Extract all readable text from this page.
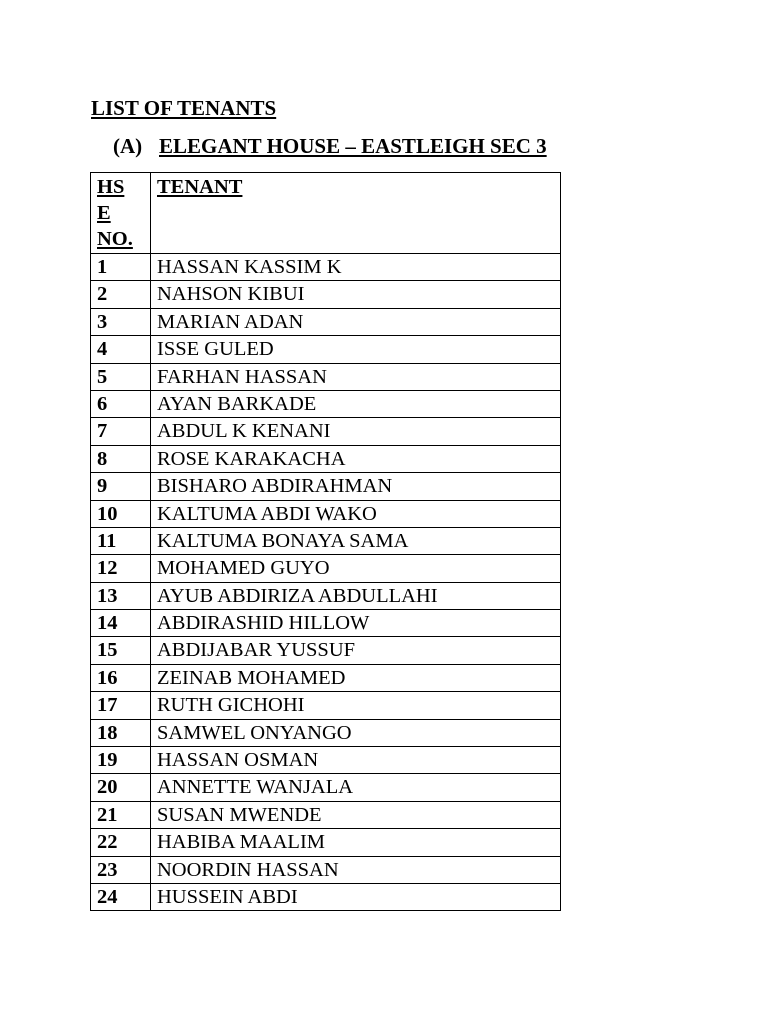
LIST OF TENANTS
(A) ELEGANT HOUSE – EASTLEIGH SEC 3
HS
E
NO.	TENANT
1	HASSAN KASSIM K
2	NAHSON KIBUI
3	MARIAN ADAN
4	ISSE GULED
5	FARHAN HASSAN
6	AYAN BARKADE
7	ABDUL K KENANI
8	ROSE KARAKACHA
9	BISHARO ABDIRAHMAN
10	KALTUMA ABDI WAKO
11	KALTUMA BONAYA SAMA
12	MOHAMED GUYO
13	AYUB ABDIRIZA ABDULLAHI
14	ABDIRASHID HILLOW
15	ABDIJABAR YUSSUF
16	ZEINAB MOHAMED
17	RUTH GICHOHI
18	SAMWEL ONYANGO
19	HASSAN OSMAN
20	ANNETTE WANJALA
21	SUSAN MWENDE
22	HABIBA MAALIM
23	NOORDIN HASSAN
24	HUSSEIN ABDI
